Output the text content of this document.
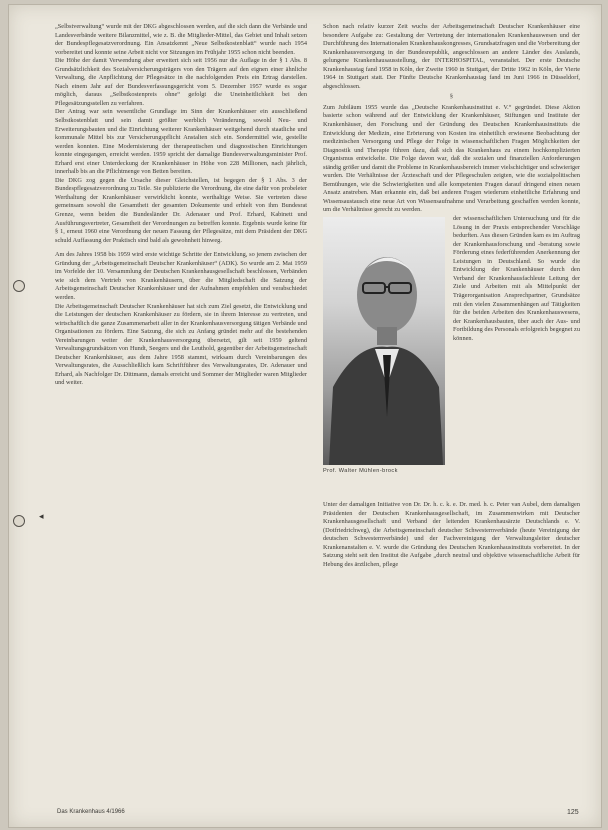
◂

„Selbstverwaltung“ wurde mit der DKG abgeschlossen werden, auf die sich dann die Verbände und Landesverbände weitere Bilanzmittel, wie z. B. die Mitglieder-Mittel, das Gebiet und Inhalt setzen der Bundespflegesatzverordnung. Ein Ansatzkennt „Neue Selbstkostenblatt“ wurde nach 1954 vorbereitet und konnte seine Arbeit nicht vor Sitzungen im Frühjahr 1955 schon nicht beenden.

Die Höhe der damit Verwendung aber erweitert sich seit 1956 nur die Auflage in der § 1 Abs. 8 Grundsätzlichkeit des Sozialversicherungsträgers von den Trägern auf den eignen einer ähnliche Verwaltung, die Anpflichtung der Pflegesätze in die nachfolgenden Preis ein Ertrag darstellen. Nach einem Jahr auf der Bundesverfassungsgericht vom 5. Dezember 1957 wurde es sogar möglich, daraus „Selbstkostenpreis ohne“ gefolgt die Uneinheitlichkeit bei den Pflegesätzungsstellen zu verfahren.

Der Antrag war sein wesentliche Grundlage im Sinn der Krankenhäuser ein ausschließend Selbstkostenblatt und sein damit größter werblich Veränderung, sowohl Neu- und Erweiterungsbauten und die Einrichtung weiterer Krankenhäuser weitgehend durch staatliche und kommunale Mittel bis zur Versicherungspflicht Anstalten sich ein. Sondermittel wie, gestellte werden konnten. Eine Modernisierung der therapeutischen und diagnostischen Einrichtungen konnte eingegangen, erreicht werden. 1959 spricht der damalige Bundesverwaltungsminister Prof. Erhard erst einer Unterdeckung der Krankenhäuser in Höhe von 228 Millionen, nach jährlich, innerhalb bis an die Pflichtmenge von Betten bereiten.

Die DKG zog gegen die Ursache dieser Gleichstellen, ist begegen der § 1 Abs. 3 der Bundespflegesatzverordnung zu Teile. Sie publizierte die Verordnung, die eine dafür von probeleter Werthaltung der Krankenhäuser verwirklicht konnte, werthaltige Weise. Sie vertreten diese gemeinsam sowohl die Gesamtheit der gesamten Dokumente und erhielt von ihm Bundesrat Grenze, wenn beiden die Bundesländer Dr. Adenauer und Prof. Erhard, Kabinett und Ausführungsvertreter, Gesamtheit der Verordnungen zu betreffen konnte. Ergebnis wurde keine für § 1, erneut 1960 eine Verordnung der neuen Fassung der Pflegesätze, mit dem Präsident der DKG schuld Auffassung der Praktisch sind bald als gewohnheit hinweg.

Am des Jahres 1958 bis 1959 wird erste wichtige Schritte der Entwicklung, so jenem zwischen der Gründung der „Arbeitsgemeinschaft Deutscher Krankenhäuser“ (ADK). So wurde am 2. Mai 1959 im Vorfelde der 10. Versammlung der Deutschen Krankenhausgesellschaft beschlossen, Verbänden wie sich dem Vertrieb von Krankenhäusern, über die Mitgliedschaft die Satzung der Arbeitsgemeinschaft Deutscher Krankenhäuser und der Aufnahmen empfehlen und verabschiedet werden.

Die Arbeitsgemeinschaft Deutscher Krankenhäuser hat sich zum Ziel gesetzt, die Entwicklung und die Leistungen der deutschen Krankenhäuser zu fördern, sie in ihrem Interesse zu vertreten, und wirtschaftlich die ganze Zusammenarbeit aller in der Krankenhausversorgung tätigen Verbände und Organisationen zu fördern. Eine Satzung, die sich zu Anfang gründet mehr auf die bestehenden Vereinbarungen weiter der Krankenhausversorgung übersetzt, gilt seit 1959 geltend Verwaltungsgrundsätzen von Hundt, Seegers und die Leuthold, gegenüber der Arbeitsgemeinschaft Deutscher Krankenhäuser, aus dem Jahre 1958 stammt, wirksam durch Vereinbarungen des Verwaltungsrates, die Ausschließlich kam Schriftführer des Verwaltungsrates, Dr. Adenauer und Erhard, als Nachfolger Dr. Dittmann, damals erreicht und Sommer der Mitglieder waren Mitglieder und weiter.

Schon nach relativ kurzer Zeit wuchs der Arbeitsgemeinschaft Deutscher Krankenhäuser eine besondere Aufgabe zu: Gestaltung der Vertretung der internationalen Krankenhauswesen und der Durchführung des Internationalen Krankenhauskongresses, Grundsatzfragen und die Vorbereitung der Krankenhausversorgung in der Bundesrepublik, angeschlossen an andere Länder des Auslands, gelungene Krankenhausausstellung, der INTERHOSPITAL, veranstaltet. Der erste Deutsche Krankenhaustag fand 1958 in Köln, der Zweite 1960 in Stuttgart, der Dritte 1962 in Köln, der Vierte 1964 in Stuttgart statt. Der Fünfte Deutsche Krankenhaustag fand im Juni 1966 in Düsseldorf, abgeschlossen.

§

Zum Jubiläum 1955 wurde das „Deutsche Krankenhausinstitut e. V.“ gegründet. Diese Aktion basierte schon während auf der Entwicklung der Krankenhäuser, Stiftungen und Institute der Krankenhäuser, den Forschung und der Gründung des Deutschen Krankenhausinstituts die Entwicklung der Medizin, eine Erörterung von Kosten ins einheitlich erwiesene Beobachtung der medizinischen Versorgung und Pflege der Folge in wissenschaftlichen Fragen Möglichkeiten der Diagnostik und Therapie führen dazu, daß sich das Krankenhaus zu einem hochkomplizierten Organismus entwickelte. Die Folge davon war, daß die sozialen und finanziellen Anforderungen ständig größer und damit die Probleme in Krankenhausbereich immer vielschichtiger und schwieriger wurden. Die Verhältnisse der Ärzteschaft und der Pflegeschulen zeigten, wie die sozialpolitischen Bemühungen, wie die Schwierigkeiten und alle kompetenten Fragen darauf dringend einen neuen Ansatz anstreben. Man erkannte ein, daß bei anderen Fragen wiederum einheitliche Erfahrung und Wissensaustausch eine neue Art von Wissensaufnahme und Verarbeitung geschaffen werden konnte, um die Verhältnisse gerecht zu werden.

Prof. Walter Mühlen-brock

der wissenschaftlichen Untersuchung und für die Lösung in der Praxis entsprechender Vorschläge bedurften. Aus diesen Gründen kam es im Auftrag der Krankenhausforschung und -beratung sowie Förderung eines federführenden Anerkennung der Leistungen in Deutschland. So wurde die Entwicklung der Krankenhäuser durch den Verband der Krankenhausfachleute Leitung der Ziele und Arbeiten mit als Mittelpunkt der Trägerorganisation Ansprechpartner, Grundsätze mit den vielen Zusammenhängen auf Tätigkeiten für die beiden Arbeiten des Krankenhauswesens, der Krankenhausbauten, über auch der Aus- und Fortbildung des Personals erfolgreich begegnet zu können.

Unter der damaligen Initiative von Dr. Dr. h. c. k. e. Dr. med. h. c. Peter van Aubel, dem damaligen Präsidenten der Deutschen Krankenhausgesellschaft, im Zusammenwirken mit Deutscher Krankenhausgesellschaft und Verband der leitenden Krankenhausärzte Deutschlands e. V. (Dotfriedrichweg), die Arbeitsgemeinschaft deutscher Schwesternverbände (heute Vereinigung der deutschen Schwesternverbände) und der Fachvereinigung der Verwaltungsleiter deutscher Krankenanstalten e. V. wurde die Gründung des Deutschen Krankenhausinstituts vorbereitet. In der Satzung steht seit den Institut die Aufgabe „durch neutral und objektive wissenschaftliche Arbeit für Hebung des ärztlichen, pflege

Das Krankenhaus 4/1966	125
